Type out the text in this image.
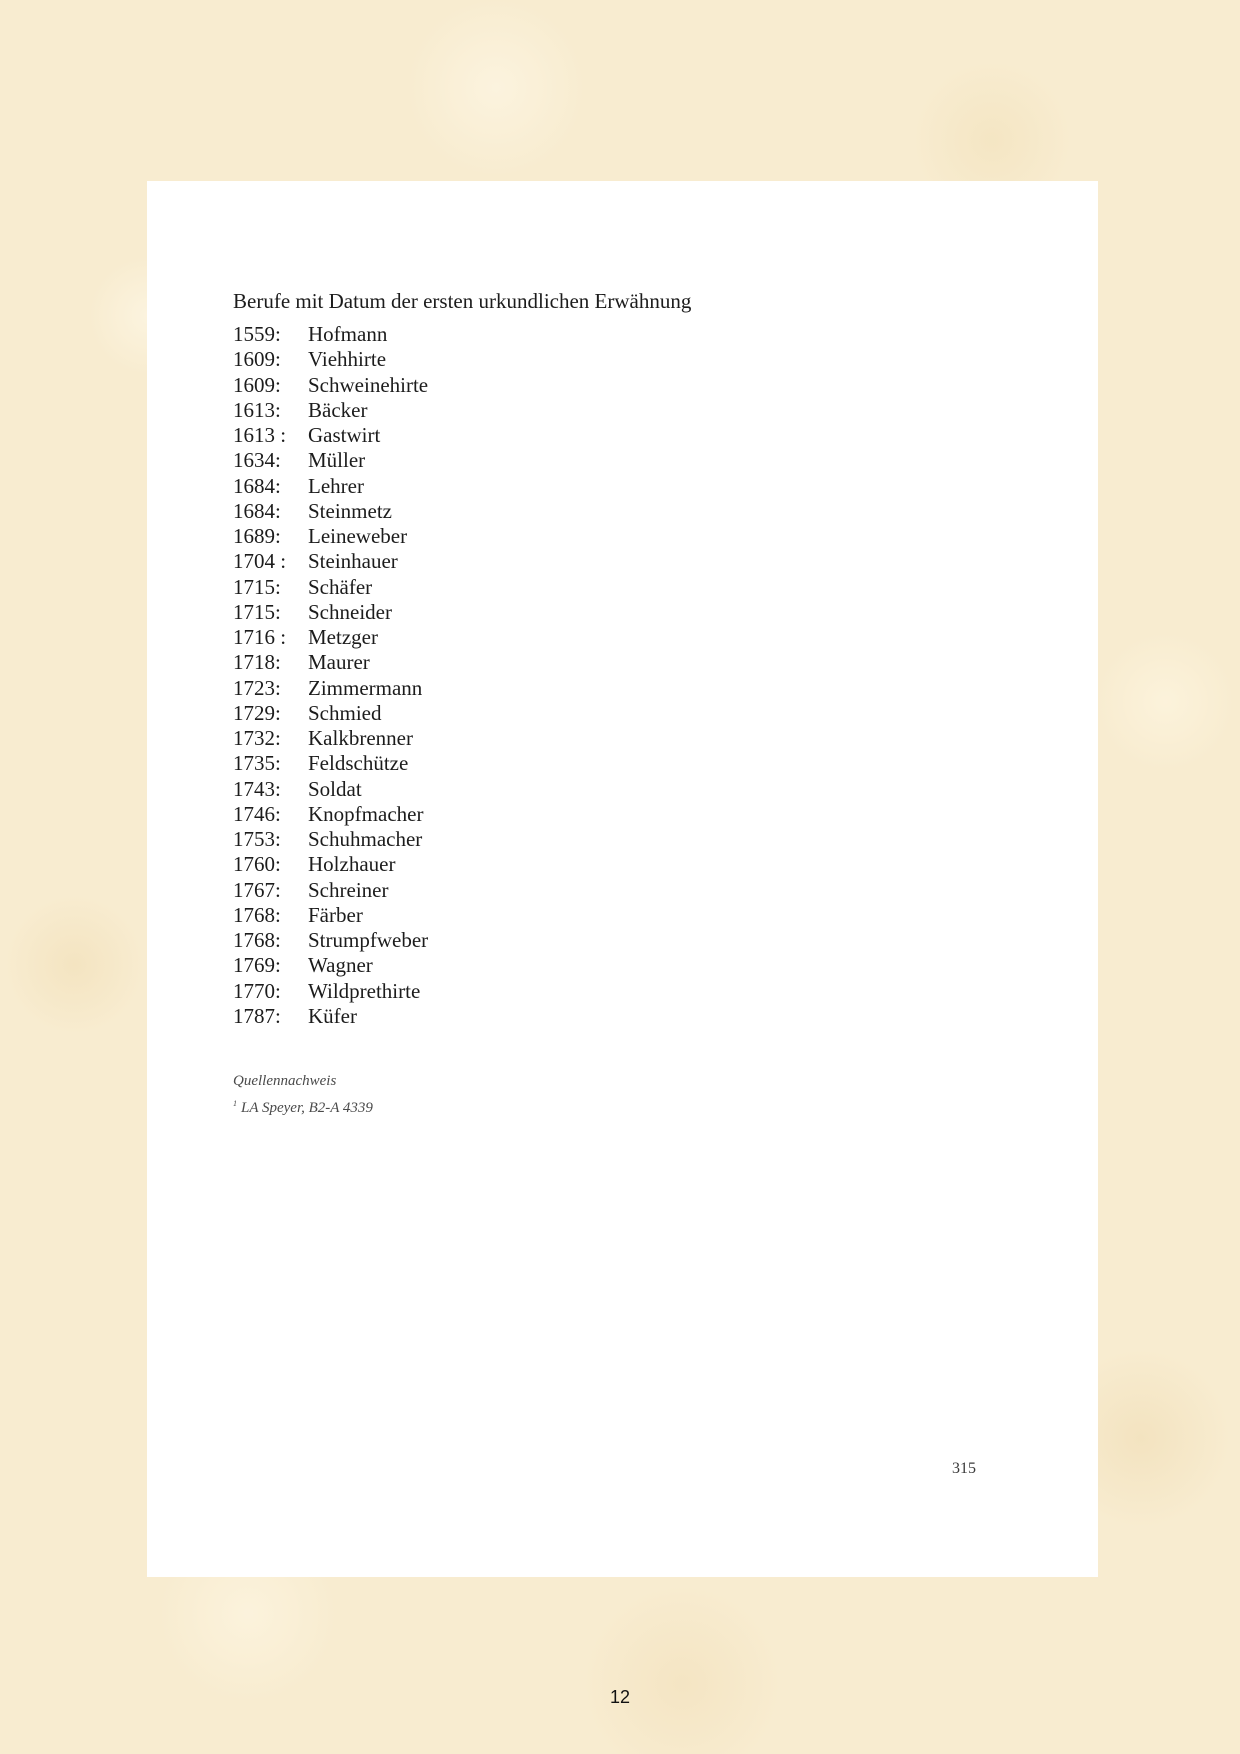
Berufe mit Datum der ersten urkundlichen Erwähnung
1559: Hofmann
1609: Viehhirte
1609: Schweinehirte
1613: Bäcker
1613 : Gastwirt
1634: Müller
1684: Lehrer
1684: Steinmetz
1689: Leineweber
1704 : Steinhauer
1715: Schäfer
1715: Schneider
1716 : Metzger
1718: Maurer
1723: Zimmermann
1729: Schmied
1732: Kalkbrenner
1735: Feldschütze
1743: Soldat
1746: Knopfmacher
1753: Schuhmacher
1760: Holzhauer
1767: Schreiner
1768: Färber
1768: Strumpfweber
1769: Wagner
1770: Wildprethirte
1787: Küfer
Quellennachweis
$^1$ LA Speyer, B2-A 4339
315
12
